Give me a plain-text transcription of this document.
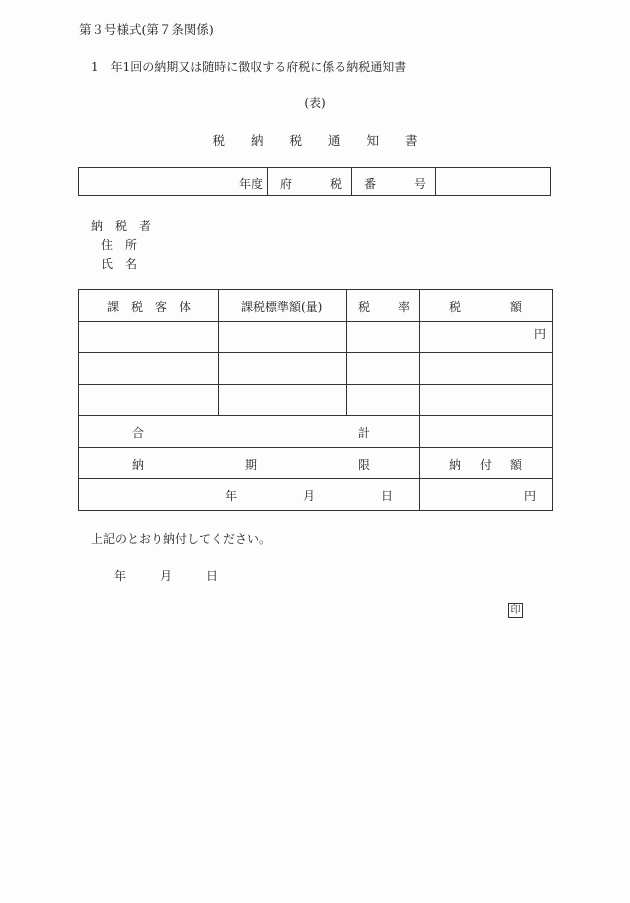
第３号様式(第７条関係)
1　年1回の納期又は随時に徴収する府税に係る納税通知書
(表)
税 納 税 通 知 書
年度 府	税 番	号
納　税　者
住　所
氏　名
課　税　客　体	課税標準額(量)	税 率	税 額

			円

合 計			

納 期 限			納 付 額

年 月 日			円
上記のとおり納付してください。
年	月	日
印
